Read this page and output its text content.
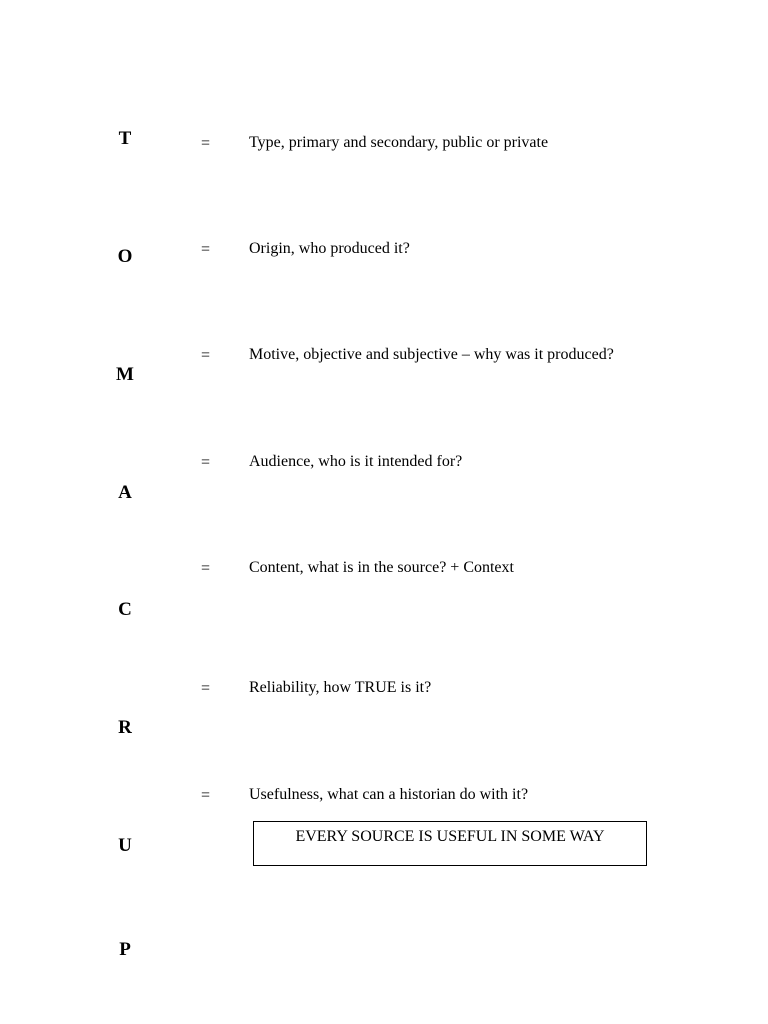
T	= Type, primary and secondary, public or private
O	= Origin, who produced it?
M
= Motive, objective and subjective – why was it produced?
A
= Audience, who is it intended for?
C
= Content, what is in the source? + Context
R
= Reliability, how TRUE is it?
U
= Usefulness, what can a historian do with it?
EVERY SOURCE IS USEFUL IN SOME WAY
P
